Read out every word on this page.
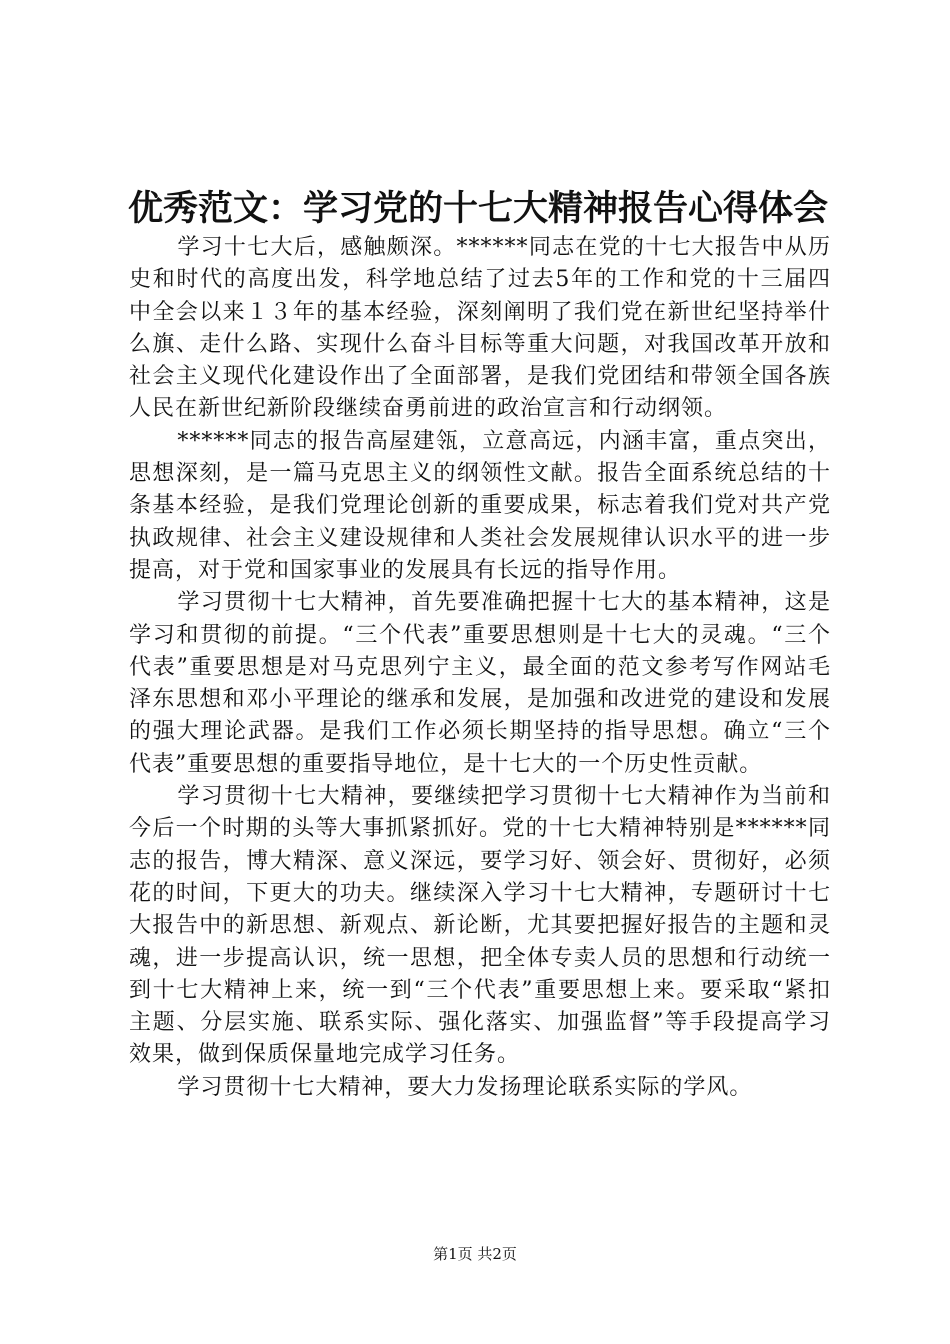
优秀范文：学习党的十七大精神报告心得体会

学习十七大后，感触颇深。******同志在党的十七大报告中从历史和时代的高度出发，科学地总结了过去5年的工作和党的十三届四中全会以来１３年的基本经验，深刻阐明了我们党在新世纪坚持举什么旗、走什么路、实现什么奋斗目标等重大问题，对我国改革开放和社会主义现代化建设作出了全面部署，是我们党团结和带领全国各族人民在新世纪新阶段继续奋勇前进的政治宣言和行动纲领。

******同志的报告高屋建瓴，立意高远，内涵丰富，重点突出，思想深刻，是一篇马克思主义的纲领性文献。报告全面系统总结的十条基本经验，是我们党理论创新的重要成果，标志着我们党对共产党执政规律、社会主义建设规律和人类社会发展规律认识水平的进一步提高，对于党和国家事业的发展具有长远的指导作用。

学习贯彻十七大精神，首先要准确把握十七大的基本精神，这是学习和贯彻的前提。“三个代表”重要思想则是十七大的灵魂。“三个代表”重要思想是对马克思列宁主义，最全面的范文参考写作网站毛泽东思想和邓小平理论的继承和发展，是加强和改进党的建设和发展的强大理论武器。是我们工作必须长期坚持的指导思想。确立“三个代表”重要思想的重要指导地位，是十七大的一个历史性贡献。

学习贯彻十七大精神，要继续把学习贯彻十七大精神作为当前和今后一个时期的头等大事抓紧抓好。党的十七大精神特别是******同志的报告，博大精深、意义深远，要学习好、领会好、贯彻好，必须花的时间，下更大的功夫。继续深入学习十七大精神，专题研讨十七大报告中的新思想、新观点、新论断，尤其要把握好报告的主题和灵魂，进一步提高认识，统一思想，把全体专卖人员的思想和行动统一到十七大精神上来，统一到“三个代表”重要思想上来。要采取“紧扣主题、分层实施、联系实际、强化落实、加强监督”等手段提高学习效果，做到保质保量地完成学习任务。

学习贯彻十七大精神，要大力发扬理论联系实际的学风。

第1页 共2页
